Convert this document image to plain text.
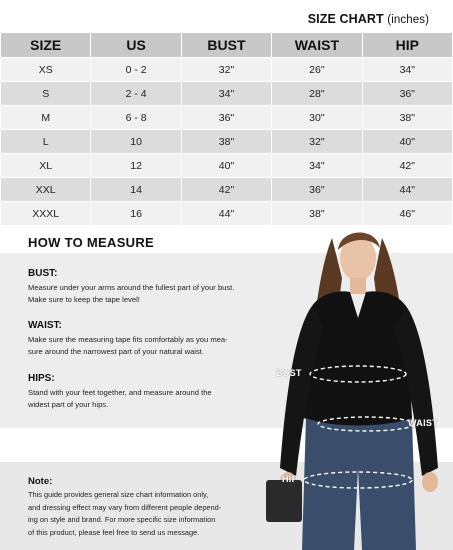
SIZE CHART (inches)
SIZE	US	BUST	WAIST	HIP
XS	0 - 2	32"	26"	34"
S	2 - 4	34"	28"	36"
M	6 - 8	36"	30"	38"
L	10	38"	32"	40"
XL	12	40"	34"	42"
XXL	14	42"	36"	44"
XXXL	16	44"	38"	46"
HOW TO MEASURE
BUST:
Measure under your arms around the fullest part of your bust.
Make sure to keep the tape level!
WAIST:
Make sure the measuring tape fits comfortably as you mea-
sure around the narrowest part of your natural waist.
HIPS:
Stand with your feet together, and measure around the
widest part of your hips.
Note:
This guide provides general size chart information only,
and dressing effect may vary from different people depend-
ing on style and brand. For more specific size information
of this product, please feel free to send us message.
BUST
WAIST
HIP
